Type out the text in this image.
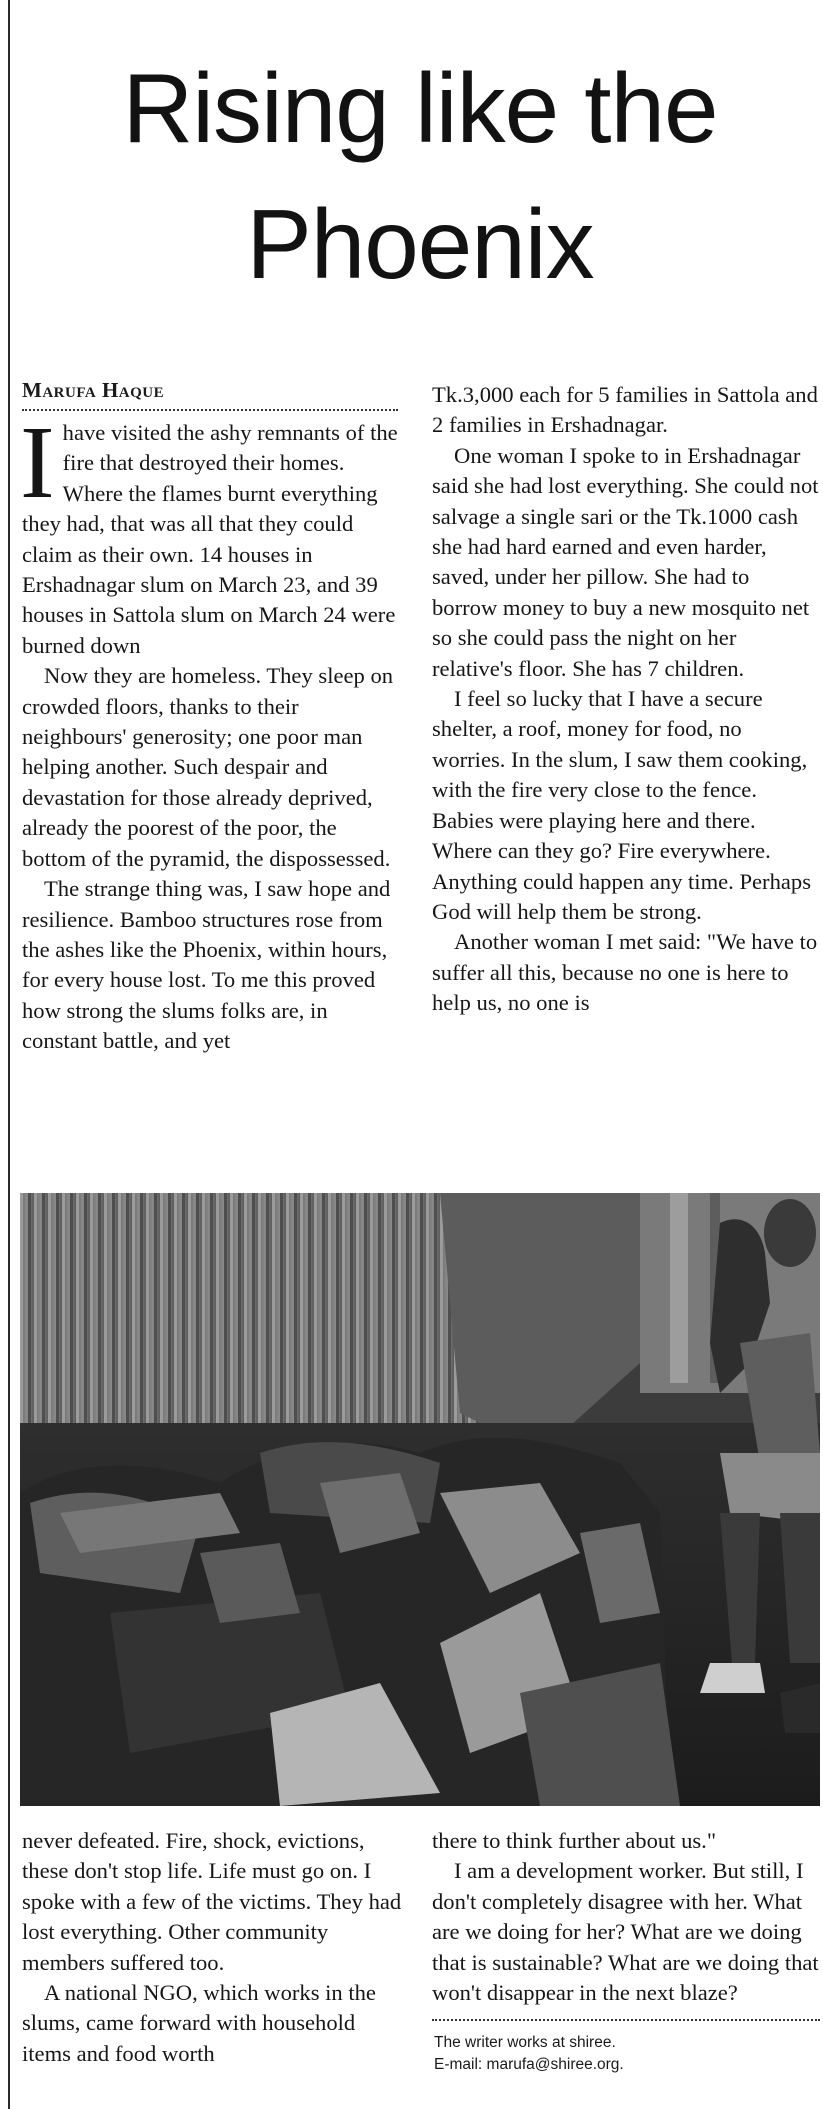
Rising like the
Phoenix
Marufa Haque

Ihave visited the ashy remnants of the fire that destroyed their homes. Where the flames burnt everything they had, that was all that they could claim as their own. 14 houses in Ershadnagar slum on March 23, and 39 houses in Sattola slum on March 24 were burned down

Now they are homeless. They sleep on crowded floors, thanks to their neighbours' generosity; one poor man helping another. Such despair and devastation for those already deprived, already the poorest of the poor, the bottom of the pyramid, the dispossessed.

The strange thing was, I saw hope and resilience. Bamboo structures rose from the ashes like the Phoenix, within hours, for every house lost. To me this proved how strong the slums folks are, in constant battle, and yet

Tk.3,000 each for 5 families in Sattola and 2 families in Ershadnagar.

One woman I spoke to in Ershadnagar said she had lost everything. She could not salvage a single sari or the Tk.1000 cash she had hard earned and even harder, saved, under her pillow. She had to borrow money to buy a new mosquito net so she could pass the night on her relative's floor. She has 7 children.

I feel so lucky that I have a secure shelter, a roof, money for food, no worries. In the slum, I saw them cooking, with the fire very close to the fence. Babies were playing here and there. Where can they go? Fire everywhere. Anything could happen any time. Perhaps God will help them be strong.

Another woman I met said: "We have to suffer all this, because no one is here to help us, no one is

never defeated. Fire, shock, evictions, these don't stop life. Life must go on. I spoke with a few of the victims. They had lost everything. Other community members suffered too.

A national NGO, which works in the slums, came forward with household items and food worth

there to think further about us."

I am a development worker. But still, I don't completely disagree with her. What are we doing for her? What are we doing that is sustainable? What are we doing that won't disappear in the next blaze?

The writer works at shiree.
E-mail: marufa@shiree.org.
